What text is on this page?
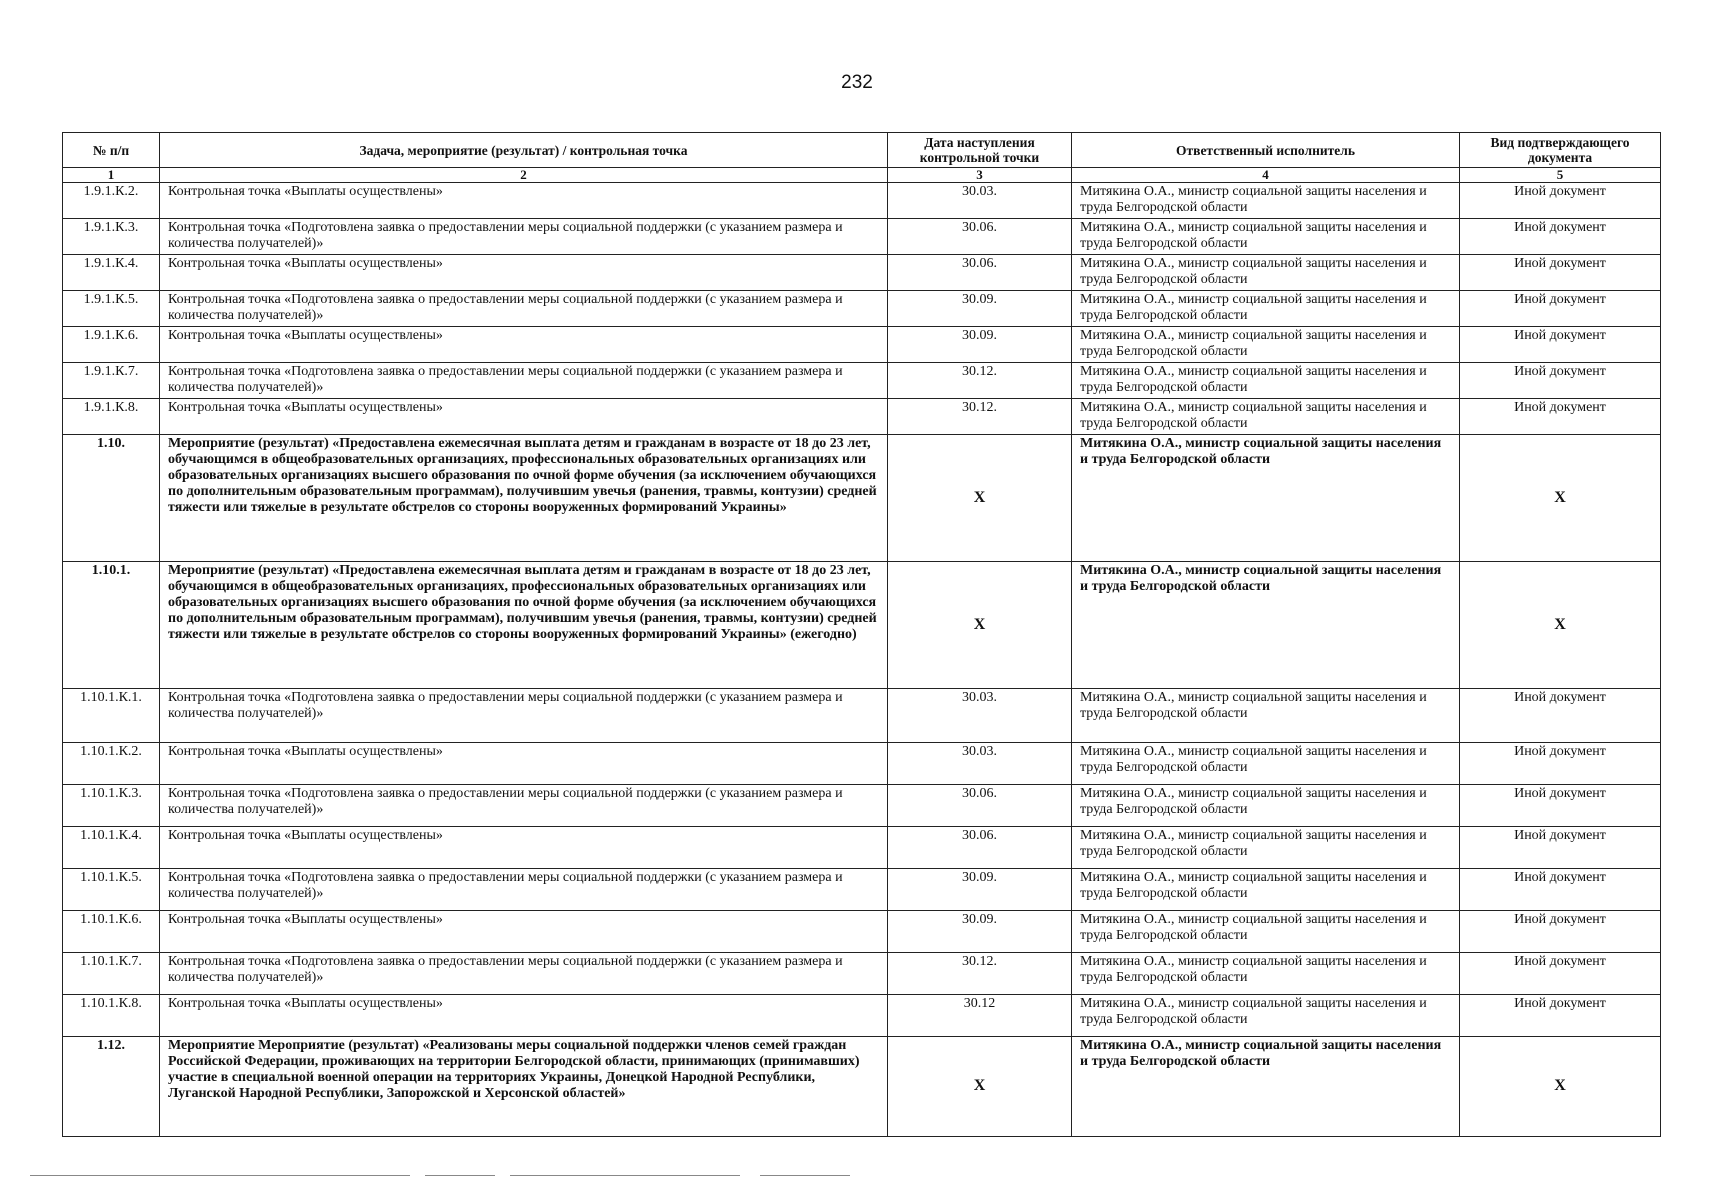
232
№ п/п	Задача, мероприятие (результат) / контрольная точка	Дата наступления контрольной точки	Ответственный исполнитель	Вид подтверждающего документа
1	2	3	4	5
1.9.1.К.2.	Контрольная точка «Выплаты осуществлены»	30.03.	Митякина О.А., министр социальной защиты населения и труда Белгородской области	Иной документ
1.9.1.К.3.	Контрольная точка «Подготовлена заявка о предоставлении меры социальной поддержки (с указанием размера и количества получателей)»	30.06.	Митякина О.А., министр социальной защиты населения и труда Белгородской области	Иной документ
1.9.1.К.4.	Контрольная точка «Выплаты осуществлены»	30.06.	Митякина О.А., министр социальной защиты населения и труда Белгородской области	Иной документ
1.9.1.К.5.	Контрольная точка «Подготовлена заявка о предоставлении меры социальной поддержки (с указанием размера и количества получателей)»	30.09.	Митякина О.А., министр социальной защиты населения и труда Белгородской области	Иной документ
1.9.1.К.6.	Контрольная точка «Выплаты осуществлены»	30.09.	Митякина О.А., министр социальной защиты населения и труда Белгородской области	Иной документ
1.9.1.К.7.	Контрольная точка «Подготовлена заявка о предоставлении меры социальной поддержки (с указанием размера и количества получателей)»	30.12.	Митякина О.А., министр социальной защиты населения и труда Белгородской области	Иной документ
1.9.1.К.8.	Контрольная точка «Выплаты осуществлены»	30.12.	Митякина О.А., министр социальной защиты населения и труда Белгородской области	Иной документ
1.10.	Мероприятие (результат) «Предоставлена ежемесячная выплата детям и гражданам в возрасте от 18 до 23 лет, обучающимся в общеобразовательных организациях, профессиональных образовательных организациях или образовательных организациях высшего образования по очной форме обучения (за исключением обучающихся по дополнительным образовательным программам), получившим увечья (ранения, травмы, контузии) средней тяжести или тяжелые в результате обстрелов со стороны вооруженных формирований Украины»	X	Митякина О.А., министр социальной защиты населения и труда Белгородской области	X
1.10.1.	Мероприятие (результат) «Предоставлена ежемесячная выплата детям и гражданам в возрасте от 18 до 23 лет, обучающимся в общеобразовательных организациях, профессиональных образовательных организациях или образовательных организациях высшего образования по очной форме обучения (за исключением обучающихся по дополнительным образовательным программам), получившим увечья (ранения, травмы, контузии) средней тяжести или тяжелые в результате обстрелов со стороны вооруженных формирований Украины» (ежегодно)	X	Митякина О.А., министр социальной защиты населения и труда Белгородской области	X
1.10.1.К.1.	Контрольная точка «Подготовлена заявка о предоставлении меры социальной поддержки (с указанием размера и количества получателей)»	30.03.	Митякина О.А., министр социальной защиты населения и труда Белгородской области	Иной документ
1.10.1.К.2.	Контрольная точка «Выплаты осуществлены»	30.03.	Митякина О.А., министр социальной защиты населения и труда Белгородской области	Иной документ
1.10.1.К.3.	Контрольная точка «Подготовлена заявка о предоставлении меры социальной поддержки (с указанием размера и количества получателей)»	30.06.	Митякина О.А., министр социальной защиты населения и труда Белгородской области	Иной документ
1.10.1.К.4.	Контрольная точка «Выплаты осуществлены»	30.06.	Митякина О.А., министр социальной защиты населения и труда Белгородской области	Иной документ
1.10.1.К.5.	Контрольная точка «Подготовлена заявка о предоставлении меры социальной поддержки (с указанием размера и количества получателей)»	30.09.	Митякина О.А., министр социальной защиты населения и труда Белгородской области	Иной документ
1.10.1.К.6.	Контрольная точка «Выплаты осуществлены»	30.09.	Митякина О.А., министр социальной защиты населения и труда Белгородской области	Иной документ
1.10.1.К.7.	Контрольная точка «Подготовлена заявка о предоставлении меры социальной поддержки (с указанием размера и количества получателей)»	30.12.	Митякина О.А., министр социальной защиты населения и труда Белгородской области	Иной документ
1.10.1.К.8.	Контрольная точка «Выплаты осуществлены»	30.12	Митякина О.А., министр социальной защиты населения и труда Белгородской области	Иной документ
1.12.	Мероприятие Мероприятие (результат) «Реализованы меры социальной поддержки членов семей граждан Российской Федерации, проживающих на территории Белгородской области, принимающих (принимавших) участие в специальной военной операции на территориях Украины, Донецкой Народной Республики, Луганской Народной Республики, Запорожской и Херсонской областей»	X	Митякина О.А., министр социальной защиты населения и труда Белгородской области	X
